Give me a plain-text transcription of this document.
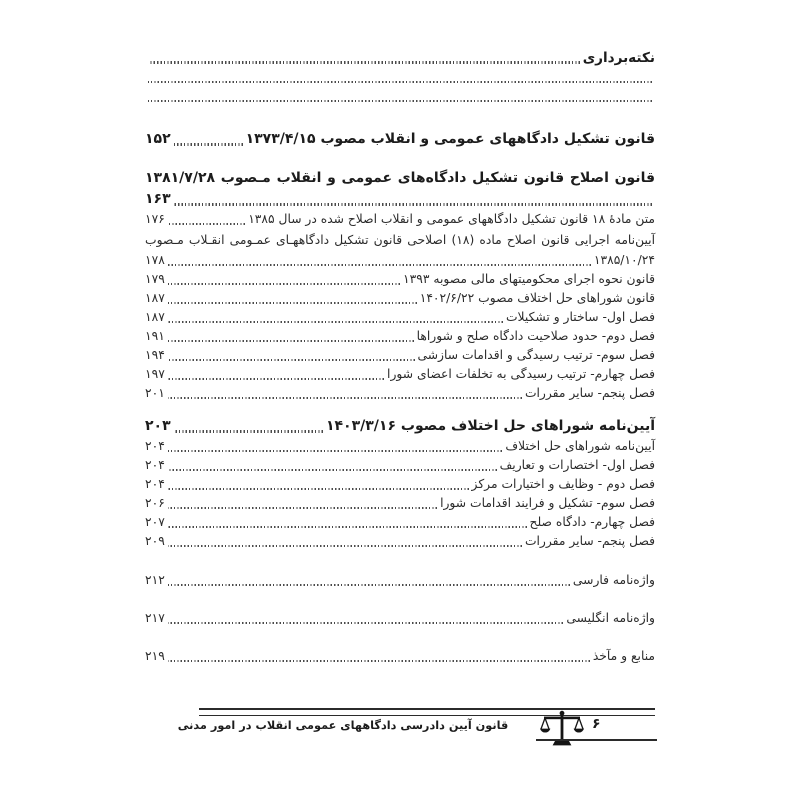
نکته‌برداری
قانون تشکیل دادگاههای عمومی و انقلاب مصوب ۱۳۷۳/۴/۱۵
۱۵۲
قانون اصلاح قانون تشکیل دادگاه‌های عمومی و انقلاب مـصوب ۱۳۸۱/۷/۲۸
۱۶۳
متن مادۀ ۱۸ قانون تشکیل دادگاههای عمومی و انقلاب اصلاح شده در سال ۱۳۸۵
۱۷۶
آیین‌نامه اجرایی قانون اصلاح ماده (۱۸) اصلاحی قانون تشکیل دادگاههـای عمـومی انقـلاب مـصوب
۱۳۸۵/۱۰/۲۴
۱۷۸
قانون نحوه اجرای محکومیتهای مالی مصوبه ۱۳۹۳
۱۷۹
قانون شوراهای حل اختلاف مصوب ۱۴۰۲/۶/۲۲
۱۸۷
فصل اول- ساختار و تشکیلات
۱۸۷
فصل دوم- حدود صلاحیت دادگاه صلح و شوراها
۱۹۱
فصل سوم- ترتیب رسیدگی و اقدامات سازشی
۱۹۴
فصل چهارم- ترتیب رسیدگی به تخلفات اعضای شورا
۱۹۷
فصل پنجم- سایر مقررات
۲۰۱
آیین‌نامه شوراهای حل اختلاف مصوب ۱۴۰۳/۳/۱۶
۲۰۳
آیین‌نامه شوراهای حل اختلاف
۲۰۴
فصل اول- اختصارات و تعاریف
۲۰۴
فصل دوم - وظایف و اختیارات مرکز
۲۰۴
فصل سوم- تشکیل و فرایند اقدامات شورا
۲۰۶
فصل چهارم- دادگاه صلح
۲۰۷
فصل پنجم- سایر مقررات
۲۰۹
واژه‌نامه فارسی
۲۱۲
واژه‌نامه انگلیسی
۲۱۷
منابع و مآخذ
۲۱۹
۶
قانون آیین دادرسی دادگاههای عمومی انقلاب در امور مدنی
